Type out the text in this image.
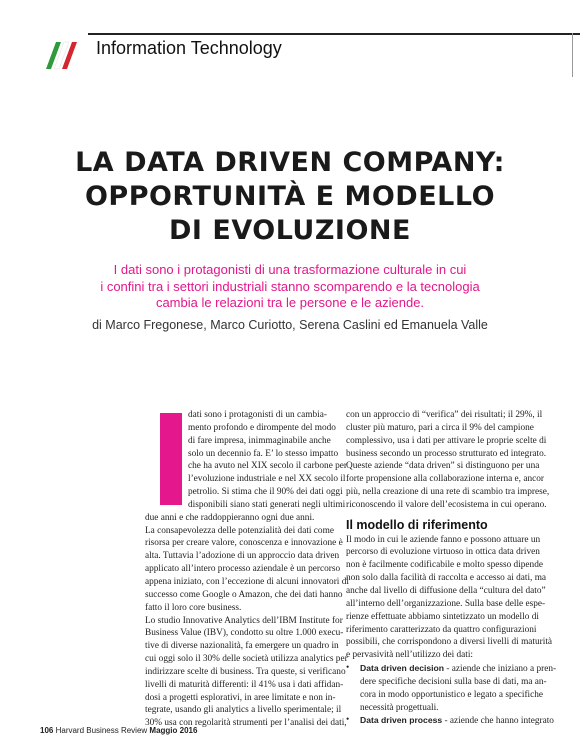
Information Technology
LA DATA DRIVEN COMPANY:
OPPORTUNITÀ E MODELLO
DI EVOLUZIONE
I dati sono i protagonisti di una trasformazione culturale in cui
i confini tra i settori industriali stanno scomparendo e la tecnologia
cambia le relazioni tra le persone e le aziende.
di Marco Fregonese, Marco Curiotto, Serena Caslini ed Emanuela Valle
dati sono i protagonisti di un cambia-
mento profondo e dirompente del modo
di fare impresa, inimmaginabile anche
solo un decennio fa. E’ lo stesso impatto
che ha avuto nel XIX secolo il carbone per
l’evoluzione industriale e nel XX secolo il
petrolio. Si stima che il 90% dei dati oggi
disponibili siano stati generati negli ultimi
due anni e che raddoppieranno ogni due anni.
La consapevolezza delle potenzialità dei dati come
risorsa per creare valore, conoscenza e innovazione è
alta. Tuttavia l’adozione di un approccio data driven
applicato all’intero processo aziendale è un percorso
appena iniziato, con l’eccezione di alcuni innovatori di
successo come Google o Amazon, che dei dati hanno
fatto il loro core business.
Lo studio Innovative Analytics dell’IBM Institute for
Business Value (IBV), condotto su oltre 1.000 execu-
tive di diverse nazionalità, fa emergere un quadro in
cui oggi solo il 30% delle società utilizza analytics per
indirizzare scelte di business. Tra queste, si verificano
livelli di maturità differenti: il 41% usa i dati affidan-
dosi a progetti esplorativi, in aree limitate e non in-
tegrate, usando gli analytics a livello sperimentale; il
30% usa con regolarità strumenti per l’analisi dei dati,
con un approccio di “verifica” dei risultati; il 29%, il
cluster più maturo, pari a circa il 9% del campione
complessivo, usa i dati per attivare le proprie scelte di
business secondo un processo strutturato ed integrato.
Queste aziende “data driven” si distinguono per una
forte propensione alla collaborazione interna e, ancor
più, nella creazione di una rete di scambio tra imprese,
riconoscendo il valore dell’ecosistema in cui operano.

Il modello di riferimento

Il modo in cui le aziende fanno e possono attuare un
percorso di evoluzione virtuoso in ottica data driven
non è facilmente codificabile e molto spesso dipende
non solo dalla facilità di raccolta e accesso ai dati, ma
anche dal livello di diffusione della “cultura del dato”
all’interno dell’organizzazione. Sulla base delle espe-
rienze effettuate abbiamo sintetizzato un modello di
riferimento caratterizzato da quattro configurazioni
possibili, che corrispondono a diversi livelli di maturità
e pervasività nell’utilizzo dei dati:
• Data driven decision - aziende che iniziano a pren-
dere specifiche decisioni sulla base di dati, ma an-
cora in modo opportunistico e legato a specifiche
necessità progettuali.
• Data driven process - aziende che hanno integrato
106 Harvard Business Review Maggio 2016
